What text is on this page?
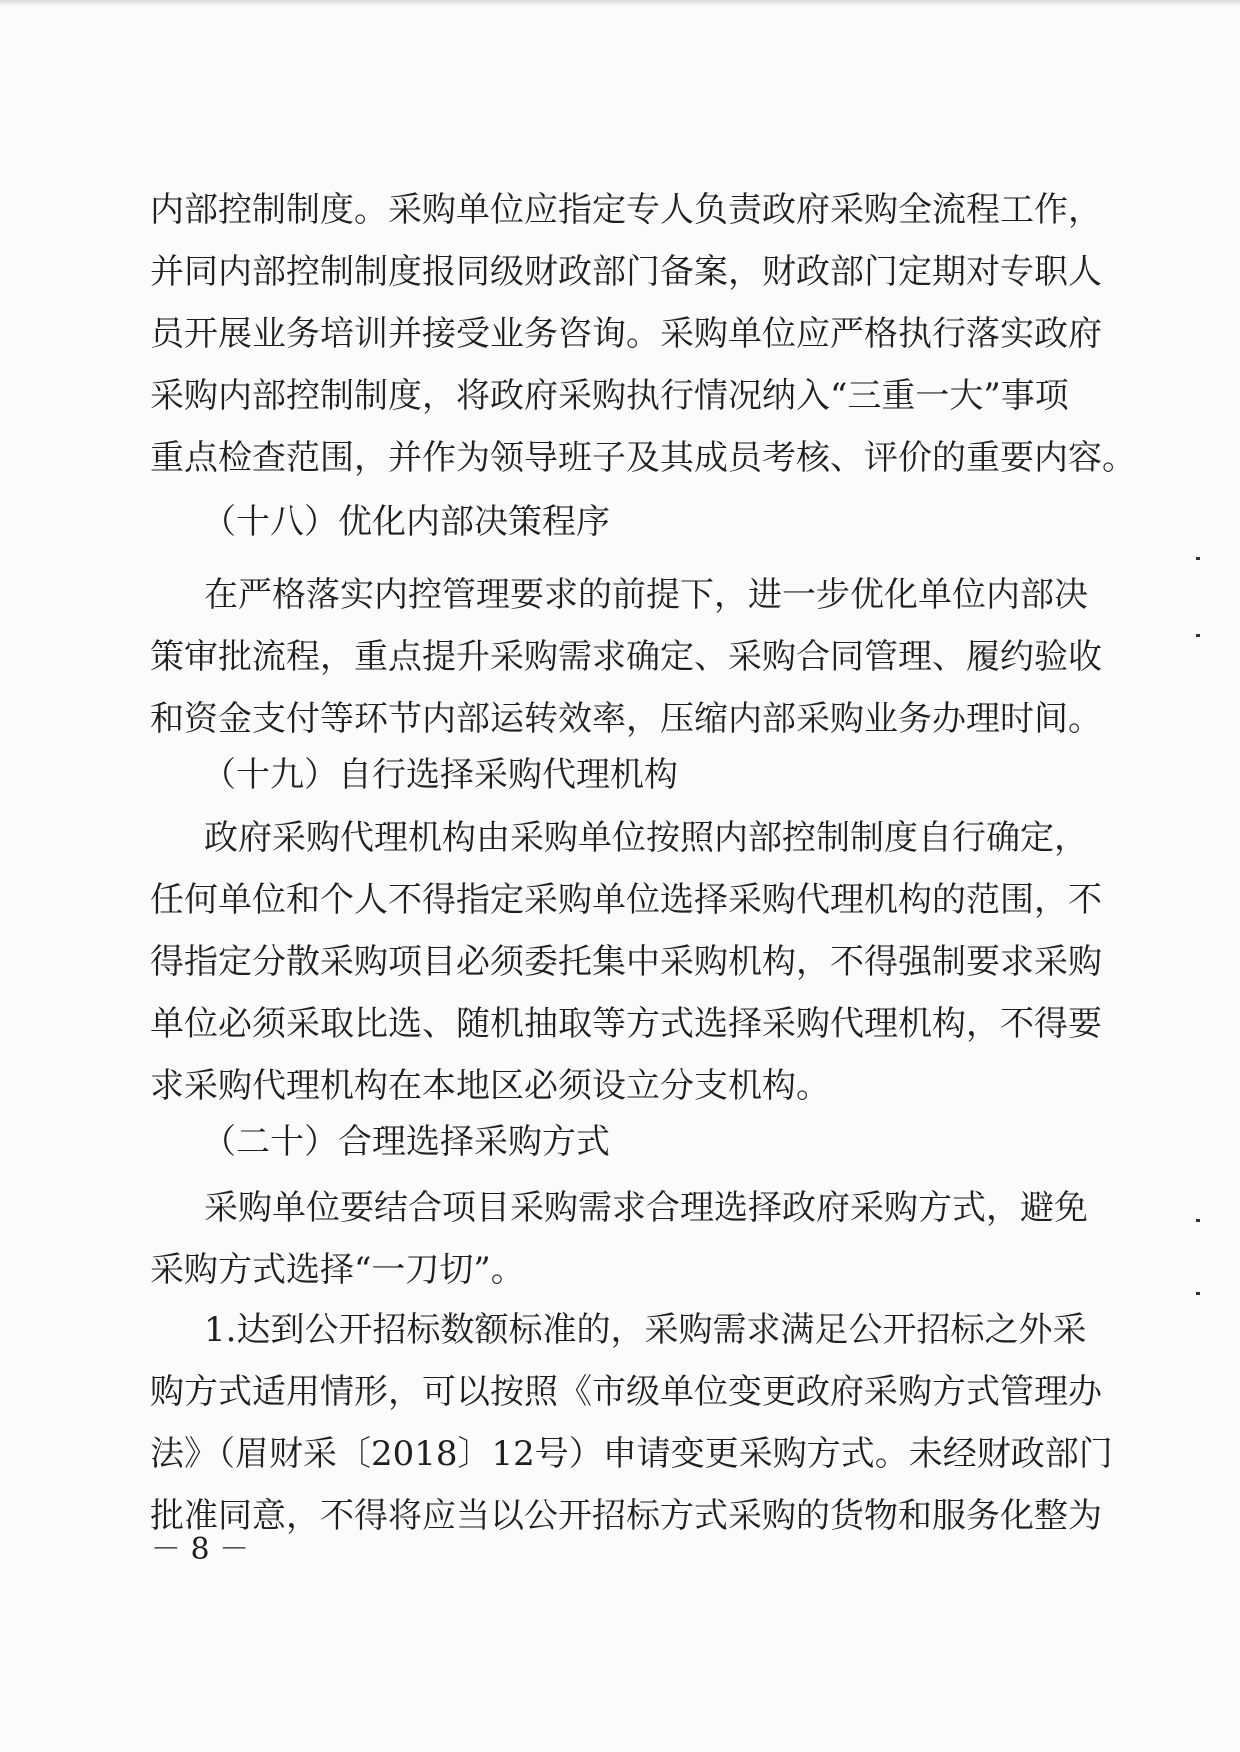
内部控制制度。采购单位应指定专人负责政府采购全流程工作，
并同内部控制制度报同级财政部门备案，财政部门定期对专职人
员开展业务培训并接受业务咨询。采购单位应严格执行落实政府
采购内部控制制度，将政府采购执行情况纳入“三重一大”事项
重点检查范围，并作为领导班子及其成员考核、评价的重要内容。
（十八）优化内部决策程序
在严格落实内控管理要求的前提下，进一步优化单位内部决
策审批流程，重点提升采购需求确定、采购合同管理、履约验收
和资金支付等环节内部运转效率，压缩内部采购业务办理时间。
（十九）自行选择采购代理机构
政府采购代理机构由采购单位按照内部控制制度自行确定，
任何单位和个人不得指定采购单位选择采购代理机构的范围，不
得指定分散采购项目必须委托集中采购机构，不得强制要求采购
单位必须采取比选、随机抽取等方式选择采购代理机构，不得要
求采购代理机构在本地区必须设立分支机构。
（二十）合理选择采购方式
采购单位要结合项目采购需求合理选择政府采购方式，避免
采购方式选择“一刀切”。
1.达到公开招标数额标准的，采购需求满足公开招标之外采
购方式适用情形，可以按照《市级单位变更政府采购方式管理办
法》（眉财采〔2018〕12号）申请变更采购方式。未经财政部门
批准同意，不得将应当以公开招标方式采购的货物和服务化整为
－ 8 －
